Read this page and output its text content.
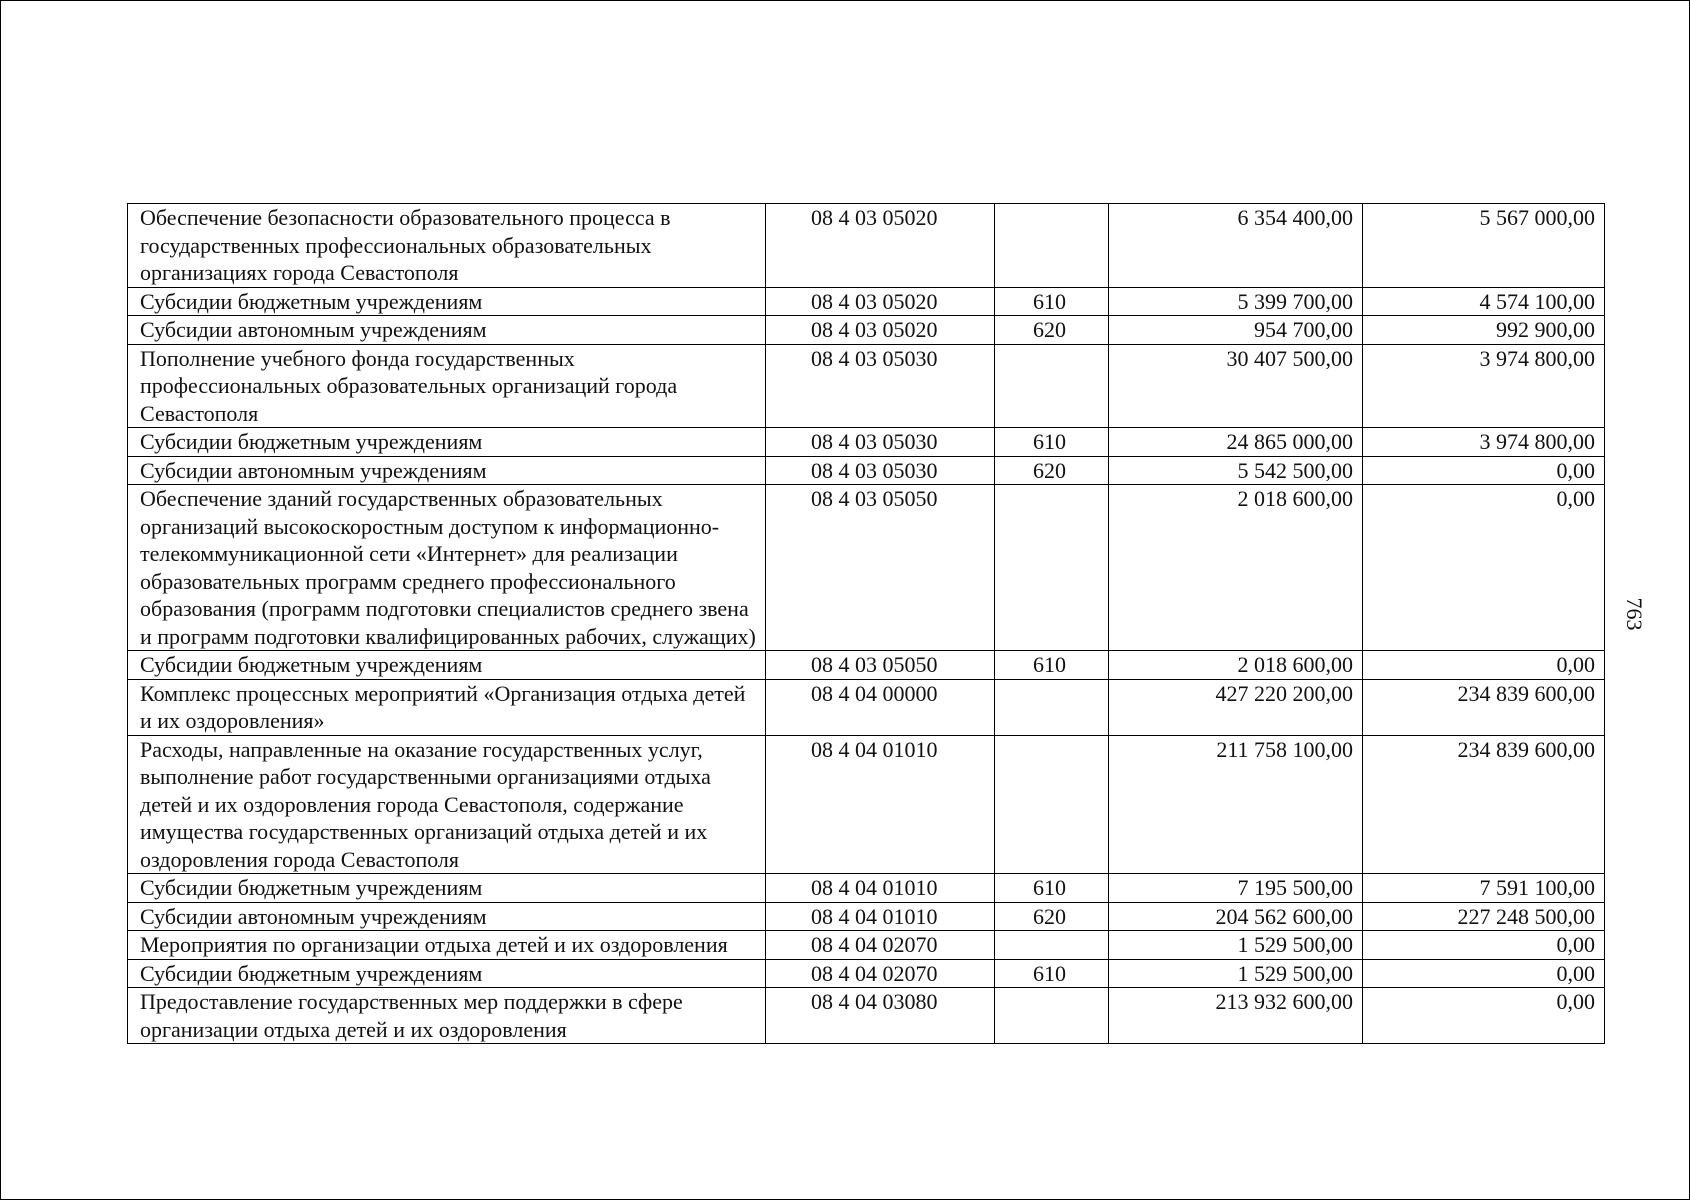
Обеспечение безопасности образовательного процесса в государственных профессиональных образовательных организациях города Севастополя	08 4 03 05020		6 354 400,00	5 567 000,00
Субсидии бюджетным учреждениям	08 4 03 05020	610	5 399 700,00	4 574 100,00
Субсидии автономным учреждениям	08 4 03 05020	620	954 700,00	992 900,00
Пополнение учебного фонда государственных профессиональных образовательных организаций города Севастополя	08 4 03 05030		30 407 500,00	3 974 800,00
Субсидии бюджетным учреждениям	08 4 03 05030	610	24 865 000,00	3 974 800,00
Субсидии автономным учреждениям	08 4 03 05030	620	5 542 500,00	0,00
Обеспечение зданий государственных образовательных организаций высокоскоростным доступом к информационно-телекоммуникационной сети «Интернет» для реализации образовательных программ среднего профессионального образования (программ подготовки специалистов среднего звена и программ подготовки квалифицированных рабочих, служащих)	08 4 03 05050		2 018 600,00	0,00
Субсидии бюджетным учреждениям	08 4 03 05050	610	2 018 600,00	0,00
Комплекс процессных мероприятий «Организация отдыха детей и их оздоровления»	08 4 04 00000		427 220 200,00	234 839 600,00
Расходы, направленные на оказание государственных услуг, выполнение работ государственными организациями отдыха детей и их оздоровления города Севастополя, содержание имущества государственных организаций отдыха детей и их оздоровления города Севастополя	08 4 04 01010		211 758 100,00	234 839 600,00
Субсидии бюджетным учреждениям	08 4 04 01010	610	7 195 500,00	7 591 100,00
Субсидии автономным учреждениям	08 4 04 01010	620	204 562 600,00	227 248 500,00
Мероприятия по организации отдыха детей и их оздоровления	08 4 04 02070		1 529 500,00	0,00
Субсидии бюджетным учреждениям	08 4 04 02070	610	1 529 500,00	0,00
Предоставление государственных мер поддержки в сфере организации отдыха детей и их оздоровления	08 4 04 03080		213 932 600,00	0,00
763
